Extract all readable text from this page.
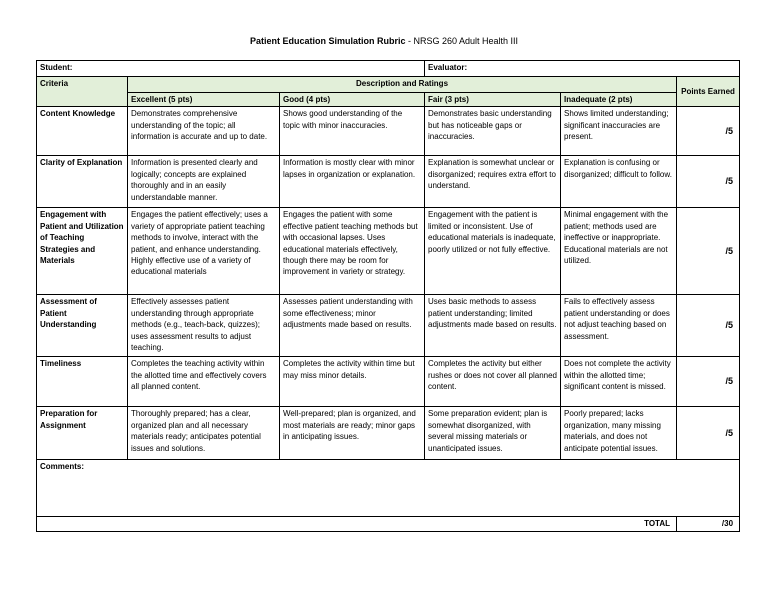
Patient Education Simulation Rubric - NRSG 260 Adult Health III
Student:			Evaluator:		
Criteria	Description and Ratings				Points Earned
	Excellent (5 pts)	Good (4 pts)	Fair (3 pts)	Inadequate (2 pts)	
Content Knowledge	Demonstrates comprehensive understanding of the topic; all information is accurate and up to date.	Shows good understanding of the topic with minor inaccuracies.	Demonstrates basic understanding but has noticeable gaps or inaccuracies.	Shows limited understanding; significant inaccuracies are present.	/5
Clarity of Explanation	Information is presented clearly and logically; concepts are explained thoroughly and in an easily understandable manner.	Information is mostly clear with minor lapses in organization or explanation.	Explanation is somewhat unclear or disorganized; requires extra effort to understand.	Explanation is confusing or disorganized; difficult to follow.	/5
Engagement with Patient and Utilization of Teaching Strategies and Materials	Engages the patient effectively; uses a variety of appropriate patient teaching methods to involve, interact with the patient, and enhance understanding. Highly effective use of a variety of educational materials	Engages the patient with some effective patient teaching methods but with occasional lapses. Uses educational materials effectively, though there may be room for improvement in variety or strategy.	Engagement with the patient is limited or inconsistent. Use of educational materials is inadequate, poorly utilized or not fully effective.	Minimal engagement with the patient; methods used are ineffective or inappropriate. Educational materials are not utilized.	/5
Assessment of Patient Understanding	Effectively assesses patient understanding through appropriate methods (e.g., teach-back, quizzes); uses assessment results to adjust teaching.	Assesses patient understanding with some effectiveness; minor adjustments made based on results.	Uses basic methods to assess patient understanding; limited adjustments made based on results.	Fails to effectively assess patient understanding or does not adjust teaching based on assessment.	/5
Timeliness	Completes the teaching activity within the allotted time and effectively covers all planned content.	Completes the activity within time but may miss minor details.	Completes the activity but either rushes or does not cover all planned content.	Does not complete the activity within the allotted time; significant content is missed.	/5
Preparation for Assignment	Thoroughly prepared; has a clear, organized plan and all necessary materials ready; anticipates potential issues and solutions.	Well-prepared; plan is organized, and most materials are ready; minor gaps in anticipating issues.	Some preparation evident; plan is somewhat disorganized, with several missing materials or unanticipated issues.	Poorly prepared; lacks organization, many missing materials, and does not anticipate potential issues.	/5
Comments:					
TOTAL					/30
